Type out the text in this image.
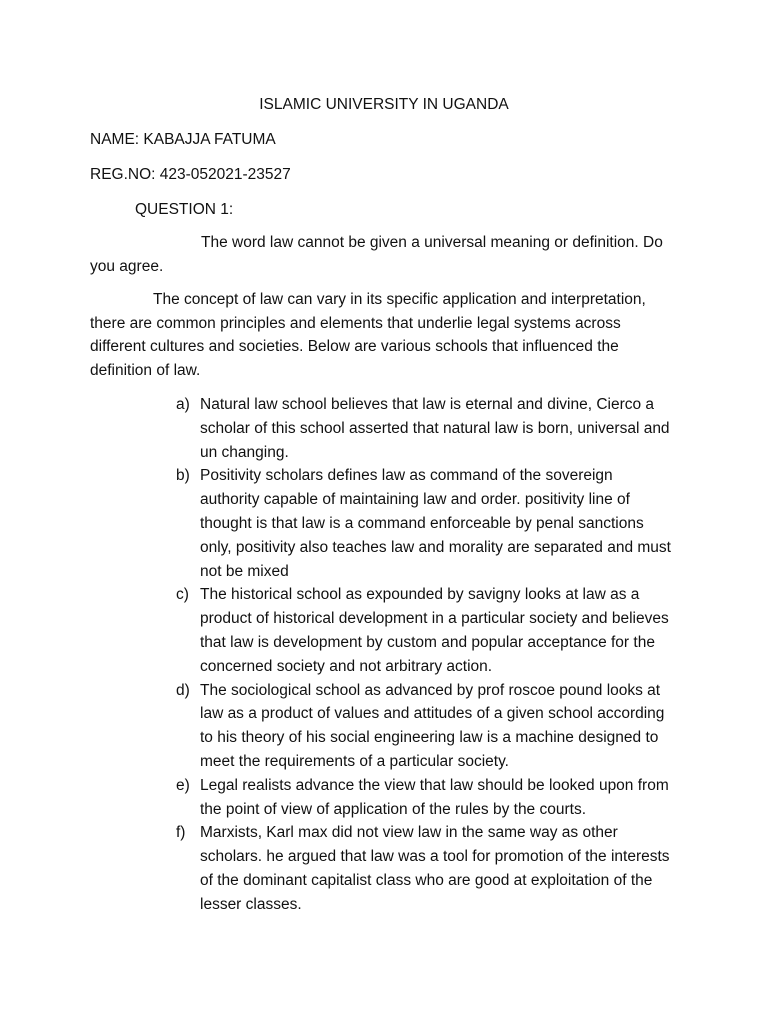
ISLAMIC UNIVERSITY IN UGANDA
NAME: KABAJJA FATUMA
REG.NO: 423-052021-23527
QUESTION 1:
The word law cannot be given a universal meaning or definition. Do you agree.
The concept of law can vary in its specific application and interpretation, there are common principles and elements that underlie legal systems across different cultures and societies. Below are various schools that influenced the definition of law.
a) Natural law school believes that law is eternal and divine, Cierco a scholar of this school asserted that natural law is born, universal and un changing.
b) Positivity scholars defines law as command of the sovereign authority capable of maintaining law and order. positivity line of thought is that law is a command enforceable by penal sanctions only, positivity also teaches law and morality are separated and must not be mixed
c) The historical school as expounded by savigny looks at law as a product of historical development in a particular society and believes that law is development by custom and popular acceptance for the concerned society and not arbitrary action.
d) The sociological school as advanced by prof roscoe pound looks at law as a product of values and attitudes of a given school according to his theory of his social engineering law is a machine designed to meet the requirements of a particular society.
e) Legal realists advance the view that law should be looked upon from the point of view of application of the rules by the courts.
f) Marxists, Karl max did not view law in the same way as other scholars. he argued that law was a tool for promotion of the interests of the dominant capitalist class who are good at exploitation of the lesser classes.
